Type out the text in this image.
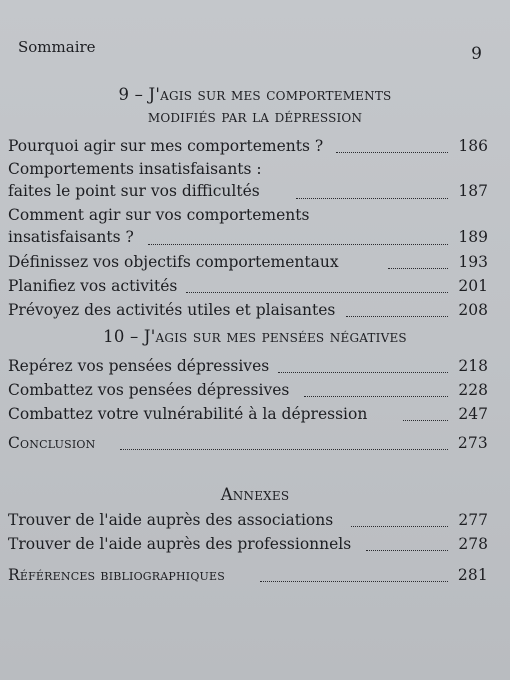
Sommaire	9
9 – J'agis sur mes comportements
modifiés par la dépression
Pourquoi agir sur mes comportements ?	186
Comportements insatisfaisants :
faites le point sur vos difficultés	187
Comment agir sur vos comportements
insatisfaisants ?	189
Définissez vos objectifs comportementaux	193
Planifiez vos activités	201
Prévoyez des activités utiles et plaisantes	208
10 – J'agis sur mes pensées négatives
Repérez vos pensées dépressives	218
Combattez vos pensées dépressives	228
Combattez votre vulnérabilité à la dépression	247
Conclusion	273
Annexes
Trouver de l'aide auprès des associations	277
Trouver de l'aide auprès des professionnels	278
Références bibliographiques	281
